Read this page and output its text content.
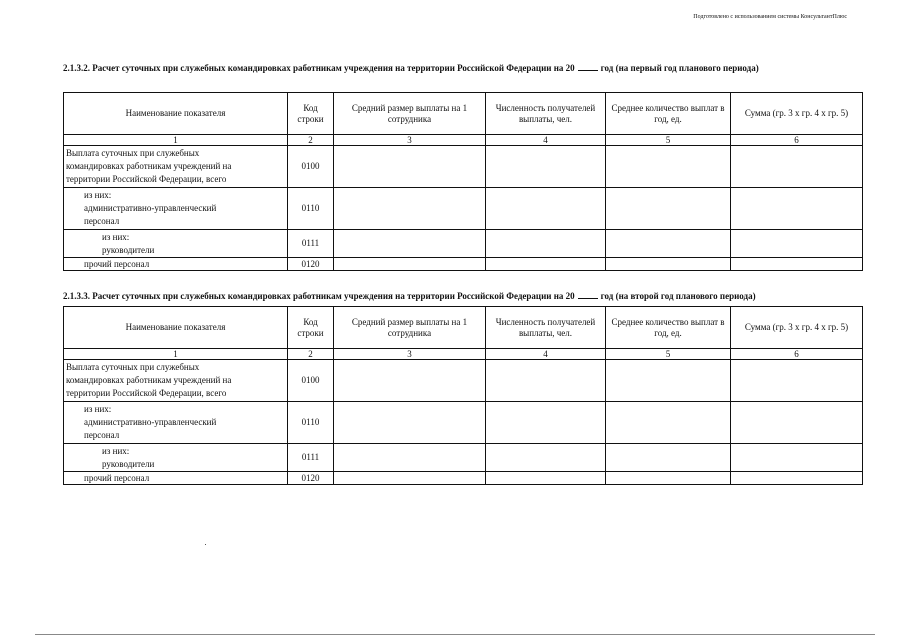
Подготовлено с использованием системы КонсультантПлюс
2.1.3.2. Расчет суточных при служебных командировках работникам учреждения на территории Российской Федерации на 20	год (на первый год планового периода)
Наименование показателя	Код строки	Средний размер выплаты на 1 сотрудника	Численность получателей выплаты, чел.	Среднее количество выплат в год, ед.	Сумма (гр. 3 х гр. 4 х гр. 5)
1	2	3	4	5	6

Выплата суточных при служебных
командировках работникам учреждений на
территории Российской Федерации, всего	0100				

из них:
административно-управленческий
персонал	0110				

из них:
руководители	0111				

прочий персонал	0120				
2.1.3.3. Расчет суточных при служебных командировках работникам учреждения на территории Российской Федерации на 20	год (на второй год планового периода)
Наименование показателя	Код строки	Средний размер выплаты на 1 сотрудника	Численность получателей выплаты, чел.	Среднее количество выплат в год, ед.	Сумма (гр. 3 х гр. 4 х гр. 5)
1	2	3	4	5	6

Выплата суточных при служебных
командировках работникам учреждений на
территории Российской Федерации, всего	0100				

из них:
административно-управленческий
персонал	0110				

из них:
руководители	0111				

прочий персонал	0120				
